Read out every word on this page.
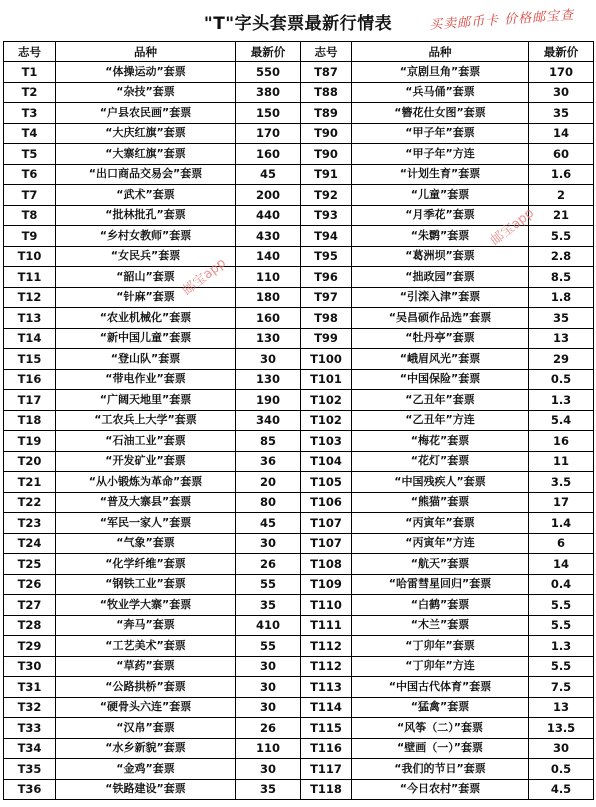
"T"字头套票最新行情表	买卖邮币卡 价格邮宝查
志号	品种	最新价	志号	品种	最新价
T1	“体操运动”套票	550	T87	“京剧旦角”套票	170
T2	“杂技”套票	380	T88	“兵马俑”套票	30
T3	“户县农民画”套票	150	T89	“簪花仕女图”套票	35
T4	“大庆红旗”套票	170	T90	“甲子年”套票	14
T5	“大寨红旗”套票	160	T90	“甲子年”方连	60
T6	“出口商品交易会”套票	45	T91	“计划生育”套票	1.6
T7	“武术”套票	200	T92	“儿童”套票	2
T8	“批林批孔”套票	440	T93	“月季花”套票	21
T9	“乡村女教师”套票	430	T94	“朱鹮”套票	5.5
T10	“女民兵”套票	140	T95	“葛洲坝”套票	2.8
T11	“韶山”套票	110	T96	“拙政园”套票	8.5
T12	“针麻”套票	180	T97	“引滦入津”套票	1.8
T13	“农业机械化”套票	160	T98	“吴昌硕作品选”套票	35
T14	“新中国儿童”套票	130	T99	“牡丹亭”套票	13
T15	“登山队”套票	30	T100	“峨眉风光”套票	29
T16	“带电作业”套票	130	T101	“中国保险”套票	0.5
T17	“广阔天地里”套票	190	T102	“乙丑年”套票	1.3
T18	“工农兵上大学”套票	340	T102	“乙丑年”方连	5.4
T19	“石油工业”套票	85	T103	“梅花”套票	16
T20	“开发矿业”套票	36	T104	“花灯”套票	11
T21	“从小锻炼为革命”套票	20	T105	“中国残疾人”套票	3.5
T22	“普及大寨县”套票	80	T106	“熊猫”套票	17
T23	“军民一家人”套票	45	T107	“丙寅年”套票	1.4
T24	“气象”套票	30	T107	“丙寅年”方连	6
T25	“化学纤维”套票	26	T108	“航天”套票	14
T26	“钢铁工业”套票	55	T109	“哈雷彗星回归”套票	0.4
T27	“牧业学大寨”套票	35	T110	“白鹤”套票	5.5
T28	“奔马”套票	410	T111	“木兰”套票	5.5
T29	“工艺美术”套票	55	T112	“丁卯年”套票	1.3
T30	“草药”套票	30	T112	“丁卯年”方连	5.5
T31	“公路拱桥”套票	30	T113	“中国古代体育”套票	7.5
T32	“硬骨头六连”套票	30	T114	“猛禽”套票	13
T33	“汉帛”套票	26	T115	“风筝（二）”套票	13.5
T34	“水乡新貌”套票	110	T116	“壁画（一）”套票	30
T35	“金鸡”套票	30	T117	“我们的节日”套票	0.5
T36	“铁路建设”套票	35	T118	“今日农村”套票	4.5
邮宝app
邮宝app
